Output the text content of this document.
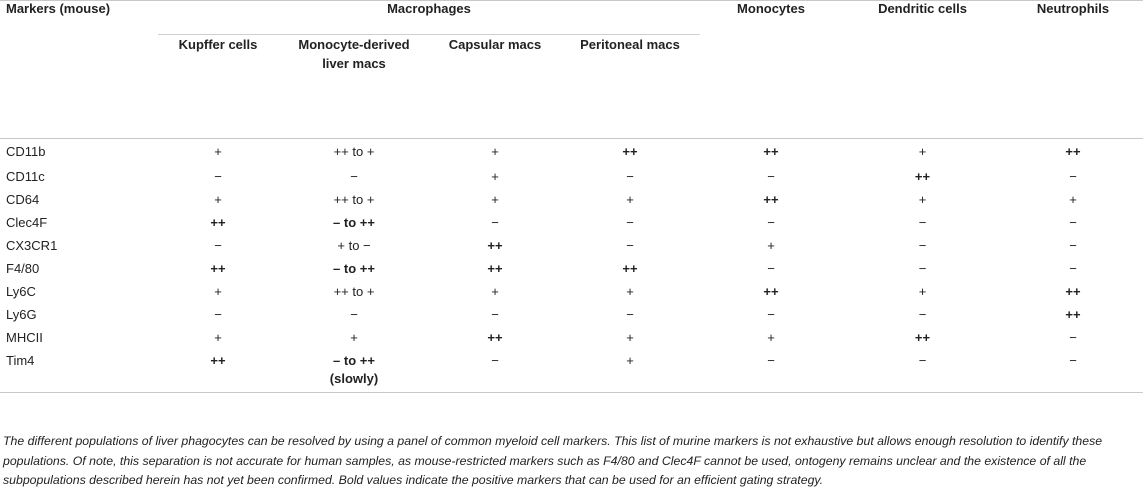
Markers (mouse)	Macrophages				Monocytes	Dendritic cells	Neutrophils
	Kupffer cells	Monocyte-derived liver macs	Capsular macs	Peritoneal macs			

CD11b	+	++ to +	+	++	++	+	++
CD11c	−	−	+	−	−	++	−
CD64	+	++ to +	+	+	++	+	+
Clec4F	++	– to ++	−	−	−	−	−
CX3CR1	−	+ to −	++	−	+	−	−
F4/80	++	– to ++	++	++	−	−	−
Ly6C	+	++ to +	+	+	++	+	++
Ly6G	−	−	−	−	−	−	++
MHCII	+	+	++	+	+	++	−
Tim4	++	– to ++ (slowly)	−	+	−	−	−
The different populations of liver phagocytes can be resolved by using a panel of common myeloid cell markers. This list of murine markers is not exhaustive but allows enough resolution to identify these populations. Of note, this separation is not accurate for human samples, as mouse-restricted markers such as F4/80 and Clec4F cannot be used, ontogeny remains unclear and the existence of all the subpopulations described herein has not yet been confirmed. Bold values indicate the positive markers that can be used for an efficient gating strategy.
